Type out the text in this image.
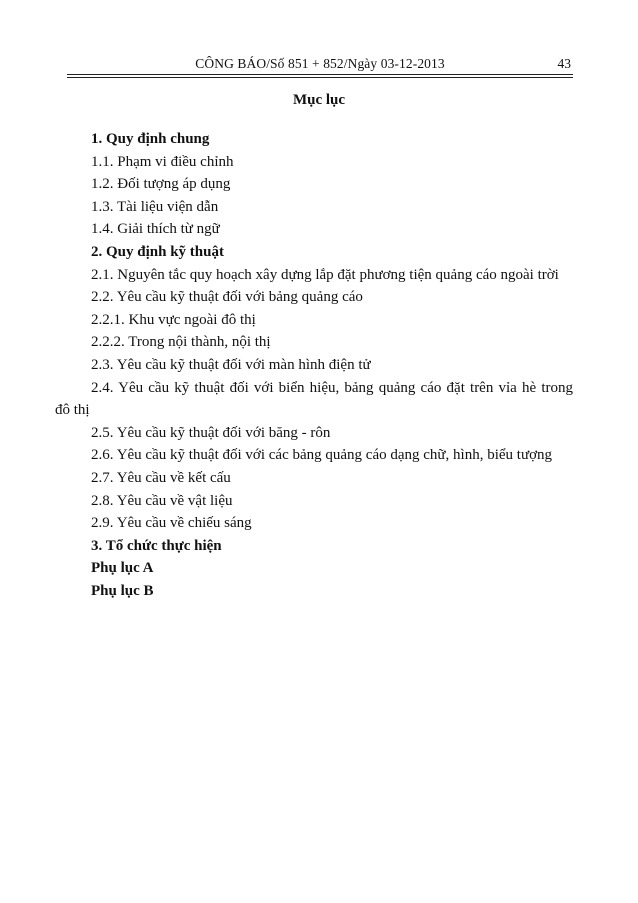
CÔNG BÁO/Số 851 + 852/Ngày 03-12-2013	43
Mục lục
1. Quy định chung
1.1. Phạm vi điều chỉnh
1.2. Đối tượng áp dụng
1.3. Tài liệu viện dẫn
1.4. Giải thích từ ngữ
2. Quy định kỹ thuật
2.1. Nguyên tắc quy hoạch xây dựng lắp đặt phương tiện quảng cáo ngoài trời
2.2. Yêu cầu kỹ thuật đối với bảng quảng cáo
2.2.1. Khu vực ngoài đô thị
2.2.2. Trong nội thành, nội thị
2.3. Yêu cầu kỹ thuật đối với màn hình điện tử
2.4. Yêu cầu kỹ thuật đối với biển hiệu, bảng quảng cáo đặt trên vỉa hè trong
đô thị
2.5. Yêu cầu kỹ thuật đối với băng - rôn
2.6. Yêu cầu kỹ thuật đối với các bảng quảng cáo dạng chữ, hình, biểu tượng
2.7. Yêu cầu về kết cấu
2.8. Yêu cầu về vật liệu
2.9. Yêu cầu về chiếu sáng
3. Tổ chức thực hiện
Phụ lục A
Phụ lục B
